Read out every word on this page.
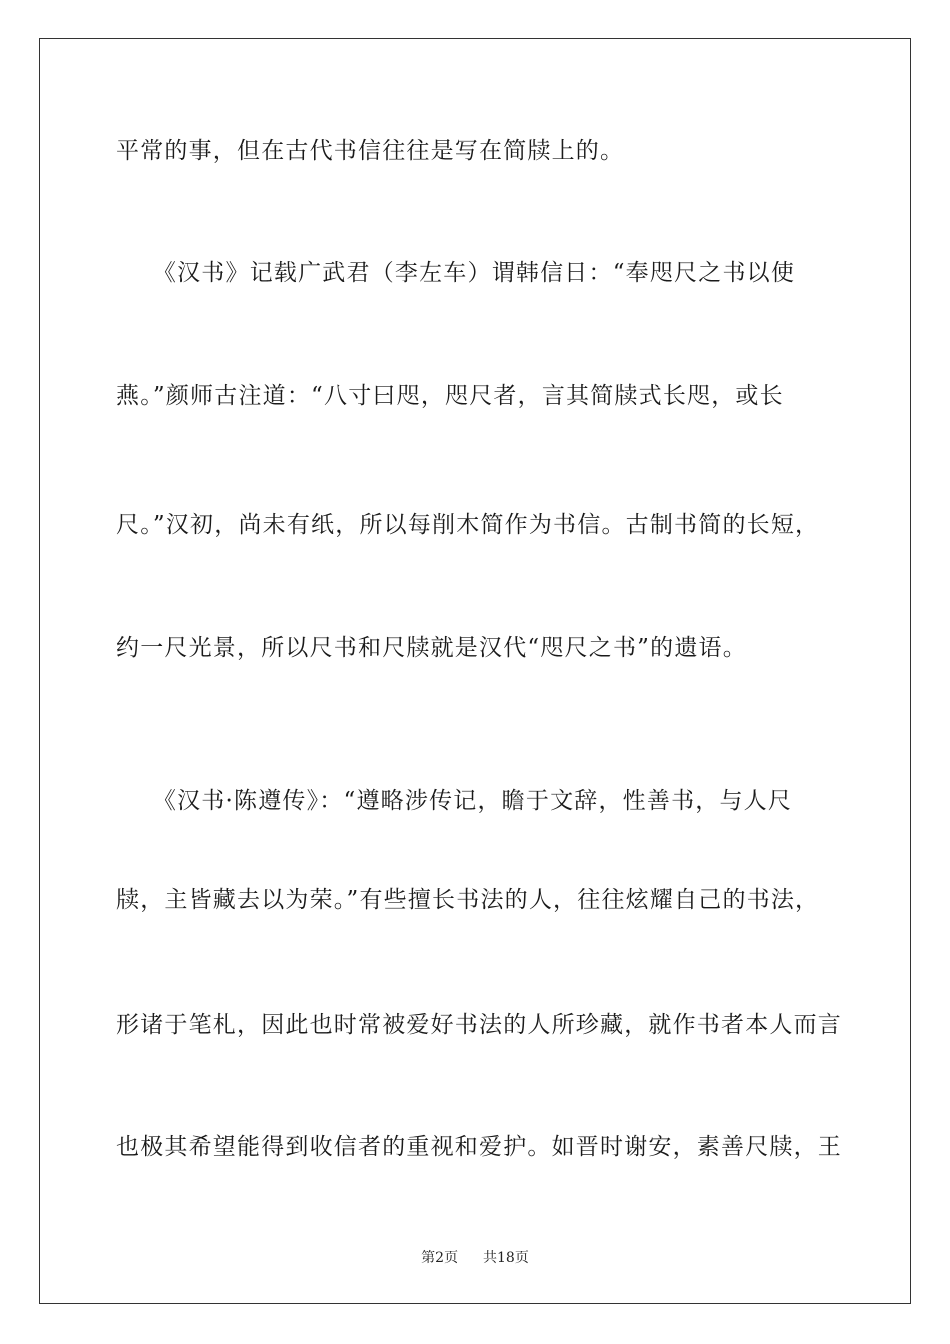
平常的事，但在古代书信往往是写在简牍上的。

　　《汉书》记载广武君（李左车）谓韩信日：“奉咫尺之书以使

燕。”颜师古注道：“八寸曰咫，咫尺者，言其简牍式长咫，或长

尺。”汉初，尚未有纸，所以每削木简作为书信。古制书简的长短，

约一尺光景，所以尺书和尺牍就是汉代“咫尺之书”的遗语。

　　《汉书·陈遵传》：“遵略涉传记，瞻于文辞，性善书，与人尺

牍，主皆藏去以为荣。”有些擅长书法的人，往往炫耀自己的书法，

形诸于笔札，因此也时常被爱好书法的人所珍藏，就作书者本人而言

也极其希望能得到收信者的重视和爱护。如晋时谢安，素善尺牍，王

第2页 共18页
